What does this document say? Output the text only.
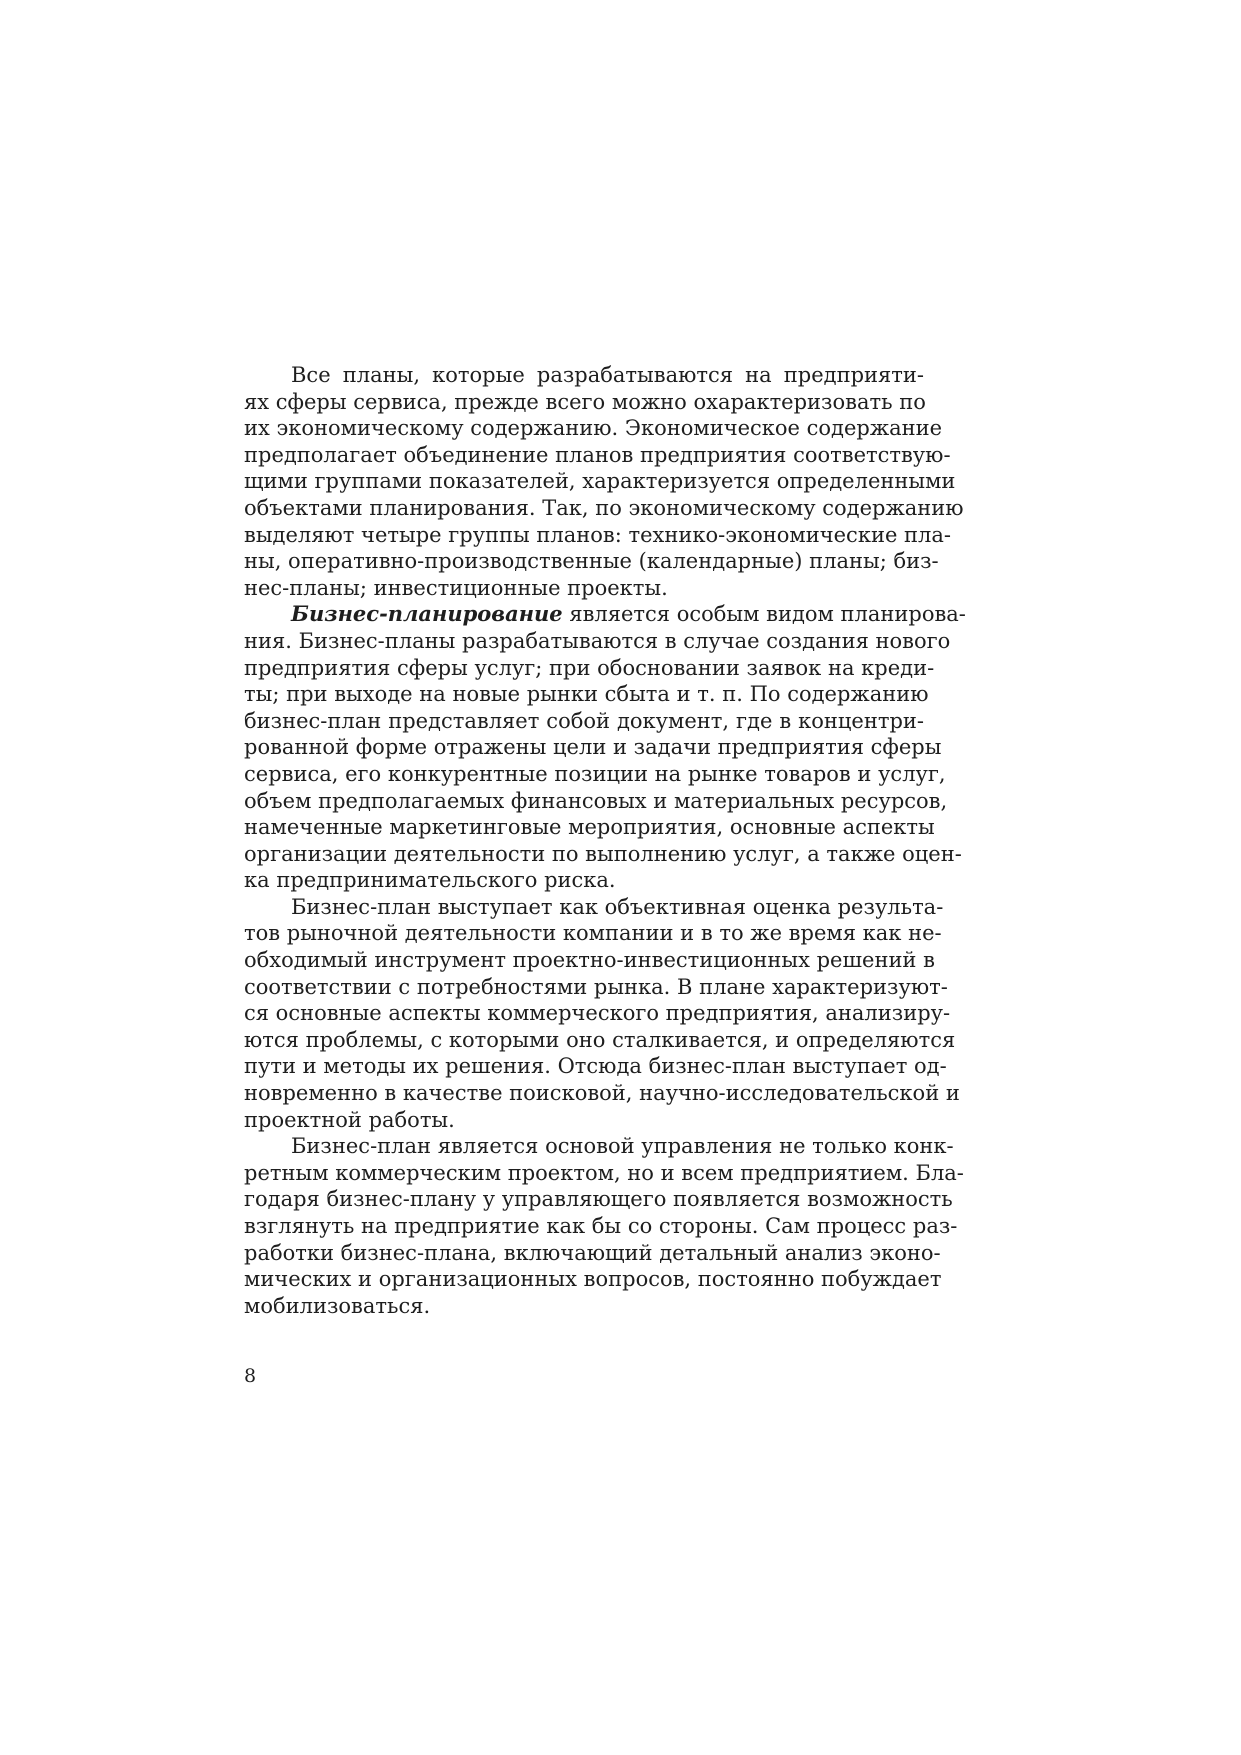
Все планы, которые разрабатываются на предприяти-
ях сферы сервиса, прежде всего можно охарактеризовать по
их экономическому содержанию. Экономическое содержание
предполагает объединение планов предприятия соответствую-
щими группами показателей, характеризуется определенными
объектами планирования. Так, по экономическому содержанию
выделяют четыре группы планов: технико-экономические пла-
ны, оперативно-производственные (календарные) планы; биз-
нес-планы; инвестиционные проекты.
Бизнес-планирование является особым видом планирова-
ния. Бизнес-планы разрабатываются в случае создания нового
предприятия сферы услуг; при обосновании заявок на креди-
ты; при выходе на новые рынки сбыта и т. п. По содержанию
бизнес-план представляет собой документ, где в концентри-
рованной форме отражены цели и задачи предприятия сферы
сервиса, его конкурентные позиции на рынке товаров и услуг,
объем предполагаемых финансовых и материальных ресурсов,
намеченные маркетинговые мероприятия, основные аспекты
организации деятельности по выполнению услуг, а также оцен-
ка предпринимательского риска.
Бизнес-план выступает как объективная оценка результа-
тов рыночной деятельности компании и в то же время как не-
обходимый инструмент проектно-инвестиционных решений в
соответствии с потребностями рынка. В плане характеризуют-
ся основные аспекты коммерческого предприятия, анализиру-
ются проблемы, с которыми оно сталкивается, и определяются
пути и методы их решения. Отсюда бизнес-план выступает од-
новременно в качестве поисковой, научно-исследовательской и
проектной работы.
Бизнес-план является основой управления не только конк-
ретным коммерческим проектом, но и всем предприятием. Бла-
годаря бизнес-плану у управляющего появляется возможность
взглянуть на предприятие как бы со стороны. Сам процесс раз-
работки бизнес-плана, включающий детальный анализ эконо-
мических и организационных вопросов, постоянно побуждает
мобилизоваться.
8
